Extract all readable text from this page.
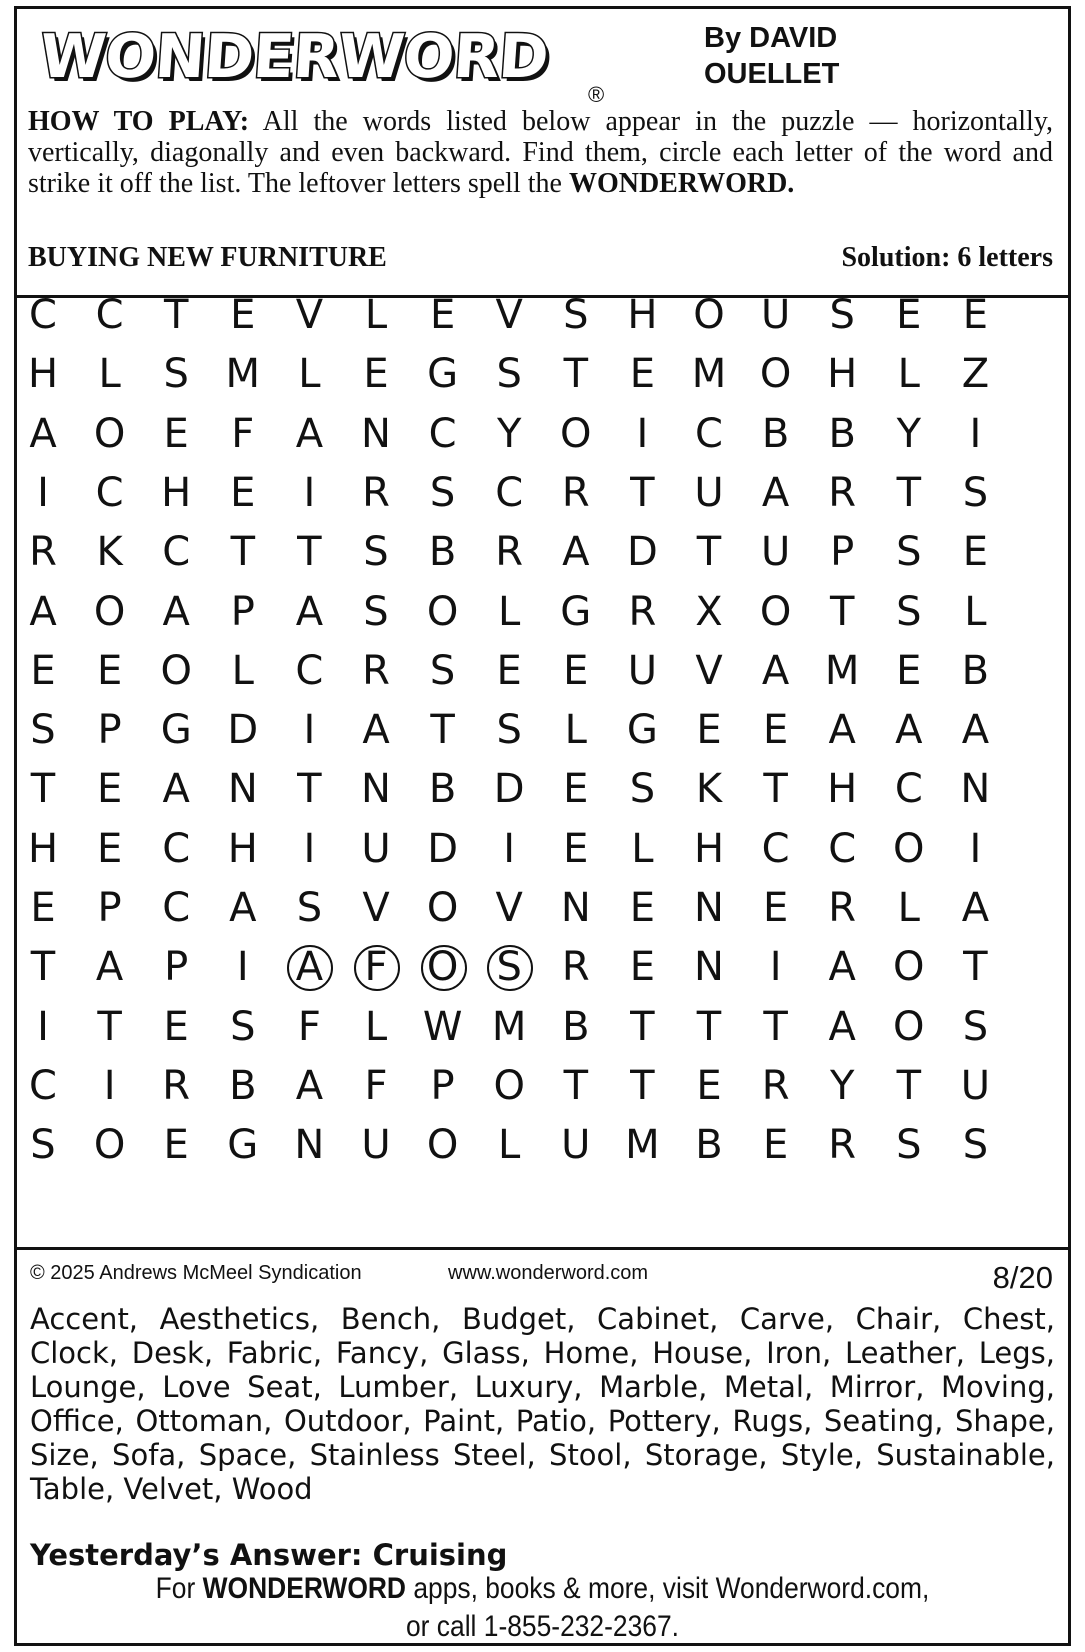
WONDERWORD
®
By DAVID
OUELLET
HOW TO PLAY: All the words listed below appear in the puzzle — horizontally, vertically, diagonally and even backward. Find them, circle each letter of the word and strike it off the list. The leftover letters spell the WONDERWORD.
BUYING NEW FURNITURE	Solution: 6 letters
C C	T	E	V	L	E	V	S H O U S	E	E
H	L	S M L	E G S	T	E M O H	L	Z
A O E	F	A N C	Y O	I	C B B	Y	I
I	C H E	I	R	S C R	T U A R	T	S
R K C	T	T	S	B R A D T U P	S	E
A O A	P	A	S O L G R X O T	S	L
E	E O L	C R	S	E	E U V A M E	B
S	P G D	I	A	T	S	L G E	E	A A A
T	E	A N T N B D E	S	K	T H C N
H E C H	I	U D	I	E	L	H C C O	I
E	P	C A	S	V O V N E N E	R	L	A
T	A	P	I	A	F O S	R	E N	I	A O T
I	T	E	S	F	L W M B	T	T	T	A O S
C	I	R B A	F	P O T	T	E	R	Y	T U
S O E G N U O L	U M B	E	R	S	S
© 2025 Andrews McMeel Syndication	www.wonderword.com	8/20
Accent, Aesthetics, Bench, Budget, Cabinet, Carve, Chair, Chest, Clock, Desk, Fabric, Fancy, Glass, Home, House, Iron, Leather, Legs, Lounge, Love Seat, Lumber, Luxury, Marble, Metal, Mirror, Moving, Office, Ottoman, Outdoor, Paint, Patio, Pottery, Rugs, Seating, Shape, Size, Sofa, Space, Stainless Steel, Stool, Storage, Style, Sustainable, Table, Velvet, Wood
Yesterday’s Answer: Cruising
For WONDERWORD apps, books & more, visit Wonderword.com,
or call 1-855-232-2367.
